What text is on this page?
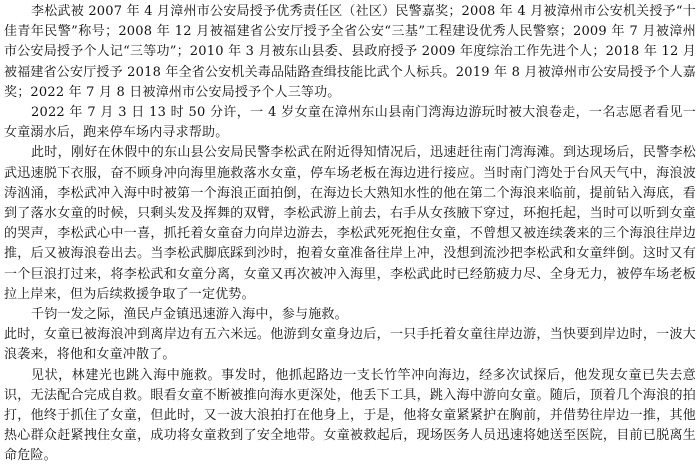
李松武被 2007 年 4 月漳州市公安局授予优秀责任区（社区）民警嘉奖；2008 年 4 月被漳州市公安机关授予“十佳青年民警”称号；2008 年 12 月被福建省公安厅授予全省公安“三基”工程建设优秀人民警察；2009 年 7 月被漳州市公安局授予个人记“三等功”；2010 年 3 月被东山县委、县政府授予 2009 年度综治工作先进个人；2018 年 12 月被福建省公安厅授予 2018 年全省公安机关毒品陆路查缉技能比武个人标兵。2019 年 8 月被漳州市公安局授予个人嘉奖；2022 年 7 月 8 日被漳州市公安局授予个人三等功。

2022 年 7 月 3 日 13 时 50 分许，一 4 岁女童在漳州东山县南门湾海边游玩时被大浪卷走，一名志愿者看见一女童溺水后，跑来停车场内寻求帮助。

此时，刚好在休假中的东山县公安局民警李松武在附近得知情况后，迅速赶往南门湾海滩。到达现场后，民警李松武迅速脱下衣服，奋不顾身冲向海里施救落水女童，停车场老板在海边进行接应。当时南门湾处于台风天气中，海浪波涛汹涌，李松武冲入海中时被第一个海浪正面拍倒，在海边长大熟知水性的他在第二个海浪来临前，提前钻入海底，看到了落水女童的时候，只剩头发及挥舞的双臂，李松武游上前去，右手从女孩腋下穿过，环抱托起，当时可以听到女童的哭声，李松武心中一喜，抓托着女童奋力向岸边游去，李松武死死抱住女童，不曾想又被连续袭来的三个海浪往岸边推，后又被海浪卷出去。当李松武脚底踩到沙时，抱着女童准备往岸上冲，没想到流沙把李松武和女童绊倒。这时又有一个巨浪打过来，将李松武和女童分离，女童又再次被冲入海里，李松武此时已经筋疲力尽、全身无力，被停车场老板拉上岸来，但为后续救援争取了一定优势。

千钧一发之际，渔民卢金镇迅速游入海中，参与施救。

此时，女童已被海浪冲到离岸边有五六米远。他游到女童身边后，一只手托着女童往岸边游，当快要到岸边时，一波大浪袭来，将他和女童冲散了。

见状，林建光也跳入海中施救。事发时，他抓起路边一支长竹竿冲向海边，经多次试探后，他发现女童已失去意识，无法配合完成自救。眼看女童不断被推向海水更深处，他丢下工具，跳入海中游向女童。随后，顶着几个海浪的拍打，他终于抓住了女童，但此时，又一波大浪拍打在他身上，于是，他将女童紧紧护在胸前，并借势往岸边一推，其他热心群众赶紧拽住女童，成功将女童救到了安全地带。女童被救起后，现场医务人员迅速将她送至医院，目前已脱离生命危险。
